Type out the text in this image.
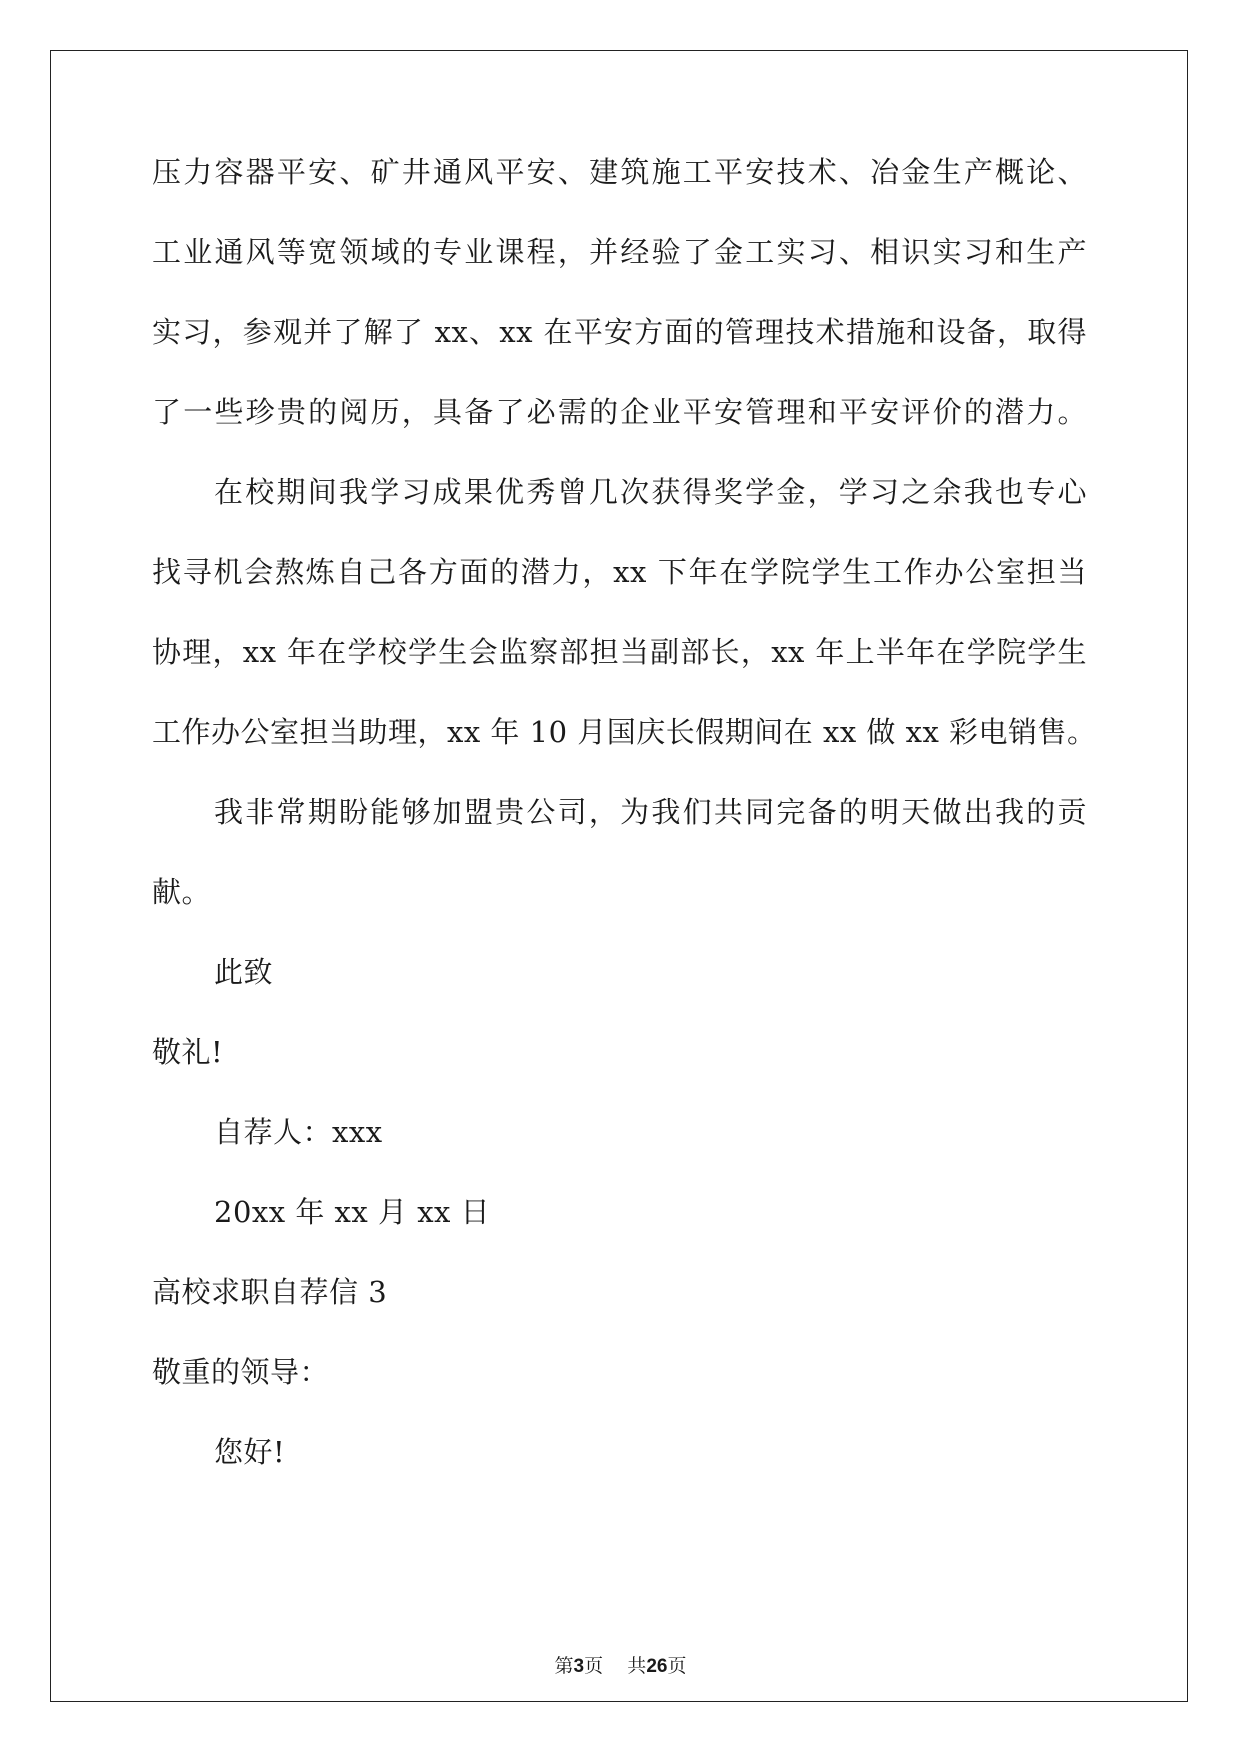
压力容器平安、矿井通风平安、建筑施工平安技术、冶金生产概论、
工业通风等宽领域的专业课程，并经验了金工实习、相识实习和生产
实习，参观并了解了 xx、xx 在平安方面的管理技术措施和设备，取得
了一些珍贵的阅历，具备了必需的企业平安管理和平安评价的潜力。
在校期间我学习成果优秀曾几次获得奖学金，学习之余我也专心
找寻机会熬炼自己各方面的潜力，xx 下年在学院学生工作办公室担当
协理，xx 年在学校学生会监察部担当副部长，xx 年上半年在学院学生
工作办公室担当助理，xx 年 10 月国庆长假期间在 xx 做 xx 彩电销售。
我非常期盼能够加盟贵公司，为我们共同完备的明天做出我的贡
献。
此致
敬礼!
自荐人：xxx
20xx 年 xx 月 xx 日
高校求职自荐信 3
敬重的领导：
您好!
第3页 共26页
